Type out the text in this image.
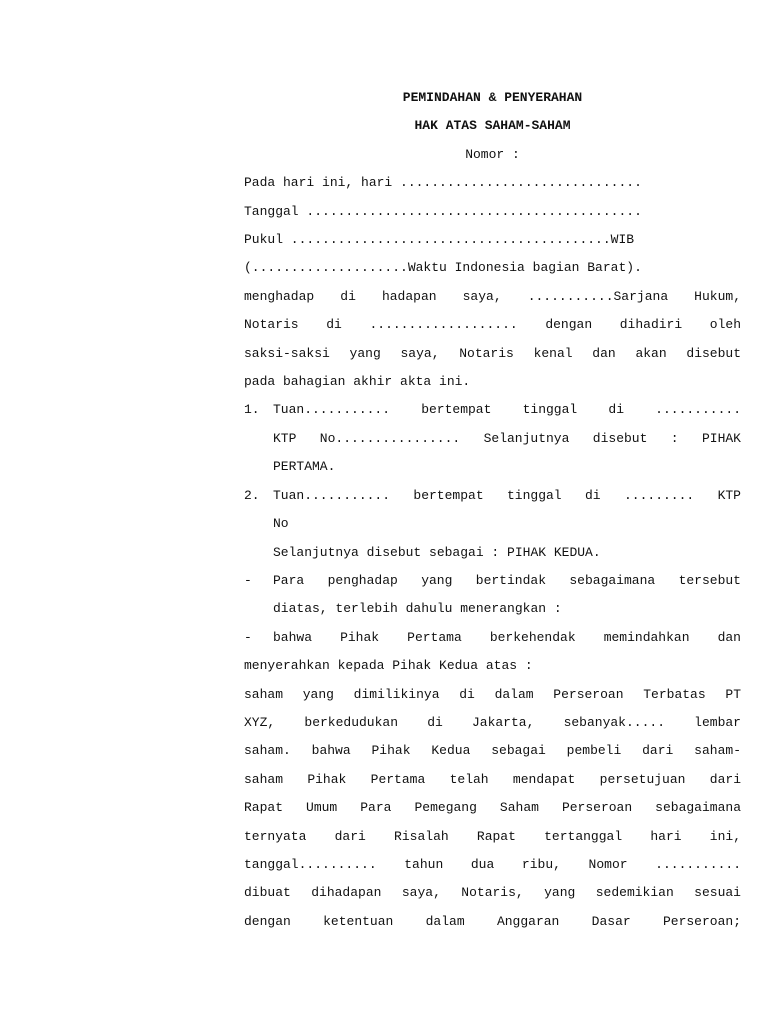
PEMINDAHAN & PENYERAHAN

HAK ATAS SAHAM-SAHAM

Nomor :

Pada hari ini, hari ...............................

Tanggal ...........................................

Pukul .........................................WIB

(....................Waktu Indonesia bagian Barat).

menghadap di hadapan saya, ...........Sarjana Hukum,

Notaris di ................... dengan dihadiri oleh

saksi-saksi yang saya, Notaris kenal dan akan disebut

pada bahagian akhir akta ini.

1.	Tuan........... bertempat tinggal di ...........
KTP No................ Selanjutnya disebut : PIHAK
PERTAMA.
2.	Tuan........... bertempat tinggal di ......... KTP
No
Selanjutnya disebut sebagai : PIHAK KEDUA.
-	Para penghadap yang bertindak sebagaimana tersebut
diatas, terlebih dahulu menerangkan :
-	bahwa Pihak Pertama berkehendak memindahkan dan

menyerahkan kepada Pihak Kedua atas :

saham yang dimilikinya di dalam Perseroan Terbatas PT

XYZ, berkedudukan di Jakarta, sebanyak..... lembar

saham. bahwa Pihak Kedua sebagai pembeli dari saham-

saham Pihak Pertama telah mendapat persetujuan dari

Rapat Umum Para Pemegang Saham Perseroan sebagaimana

ternyata dari Risalah Rapat tertanggal hari ini,

tanggal.......... tahun dua ribu, Nomor ...........

dibuat dihadapan saya, Notaris, yang sedemikian sesuai

dengan ketentuan dalam Anggaran Dasar Perseroan;
